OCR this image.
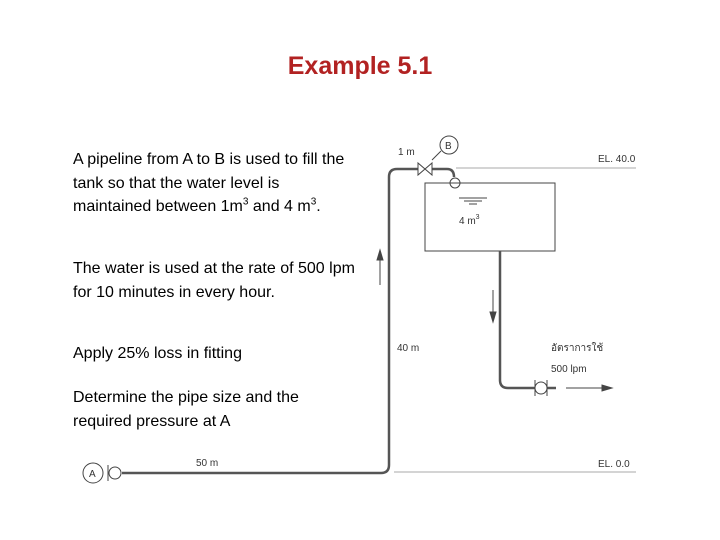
Example 5.1
A pipeline from A to B is used to fill the tank so that the water level is maintained between $1m^3$ and 4 $m^3$.
The water is used at the rate of 500 lpm for 10 minutes in every hour.
Apply 25% loss in fitting
Determine the pipe size and the required pressure at A
EL. 40.0
EL. 0.0
1 m
B
4 $m^3$
อัตราการใช้
500 lpm
40 m
A
50 m
